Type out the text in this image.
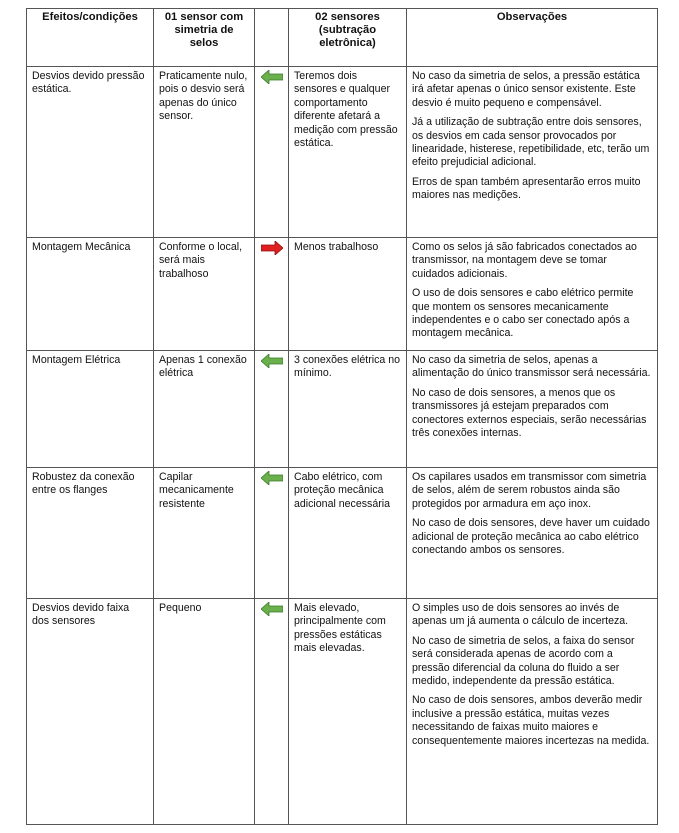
Efeitos/condições	01 sensor com
simetria de selos		02 sensores
(subtração
eletrônica)	Observações
Desvios devido pressão estática.	Praticamente nulo, pois o desvio será apenas do único sensor.		Teremos dois sensores e qualquer comportamento diferente afetará a medição com pressão estática.	No caso da simetria de selos, a pressão estática irá afetar apenas o único sensor existente. Este desvio é muito pequeno e compensável.

Já a utilização de subtração entre dois sensores, os desvios em cada sensor provocados por linearidade, histerese, repetibilidade, etc, terão um efeito prejudicial adicional.

Erros de span também apresentarão erros muito maiores nas medições.

Montagem Mecânica	Conforme o local, será mais trabalhoso		Menos trabalhoso	Como os selos já são fabricados conectados ao transmissor, na montagem deve se tomar cuidados adicionais.

O uso de dois sensores e cabo elétrico permite que montem os sensores mecanicamente independentes e o cabo ser conectado após a montagem mecânica.

Montagem Elétrica	Apenas 1 conexão elétrica		3 conexões elétrica no mínimo.	No caso da simetria de selos, apenas a alimentação do único transmissor será necessária.

No caso de dois sensores, a menos que os transmissores já estejam preparados com conectores externos especiais, serão necessárias três conexões internas.

Robustez da conexão entre os flanges	Capilar mecanicamente resistente		Cabo elétrico, com proteção mecânica adicional necessária	Os capilares usados em transmissor com simetria de selos, além de serem robustos ainda são protegidos por armadura em aço inox.

No caso de dois sensores, deve haver um cuidado adicional de proteção mecânica ao cabo elétrico conectando ambos os sensores.

Desvios devido faixa dos sensores	Pequeno		Mais elevado, principalmente com pressões estáticas mais elevadas.	O simples uso de dois sensores ao invés de apenas um já aumenta o cálculo de incerteza.

No caso de simetria de selos, a faixa do sensor será considerada apenas de acordo com a pressão diferencial da coluna do fluido a ser medido, independente da pressão estática.

No caso de dois sensores, ambos deverão medir inclusive a pressão estática, muitas vezes necessitando de faixas muito maiores e consequentemente maiores incertezas na medida.
